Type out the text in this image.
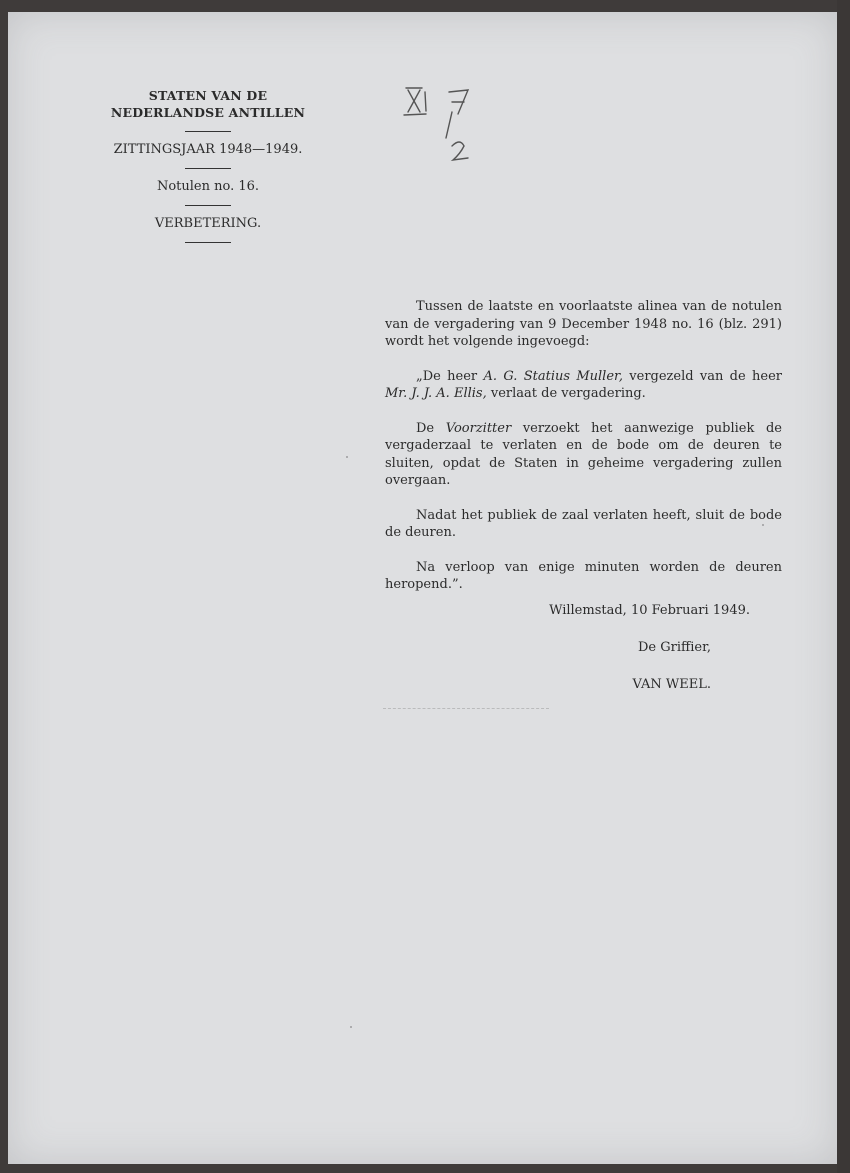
STATEN VAN DE

NEDERLANDSE ANTILLEN

ZITTINGSJAAR 1948—1949.

Notulen no. 16.

VERBETERING.

Tussen de laatste en voorlaatste alinea van de notulen van de vergadering van 9 December 1948 no. 16 (blz. 291) wordt het volgende ingevoegd:

„De heer A. G. Statius Muller, vergezeld van de heer Mr. J. J. A. Ellis, verlaat de vergadering.

De Voorzitter verzoekt het aanwezige publiek de vergaderzaal te verlaten en de bode om de deuren te sluiten, opdat de Staten in geheime vergadering zullen overgaan.

Nadat het publiek de zaal verlaten heeft, sluit de bode de deuren.

Na verloop van enige minuten worden de deuren heropend.”.

Willemstad, 10 Februari 1949.
De Griffier,
VAN WEEL.
